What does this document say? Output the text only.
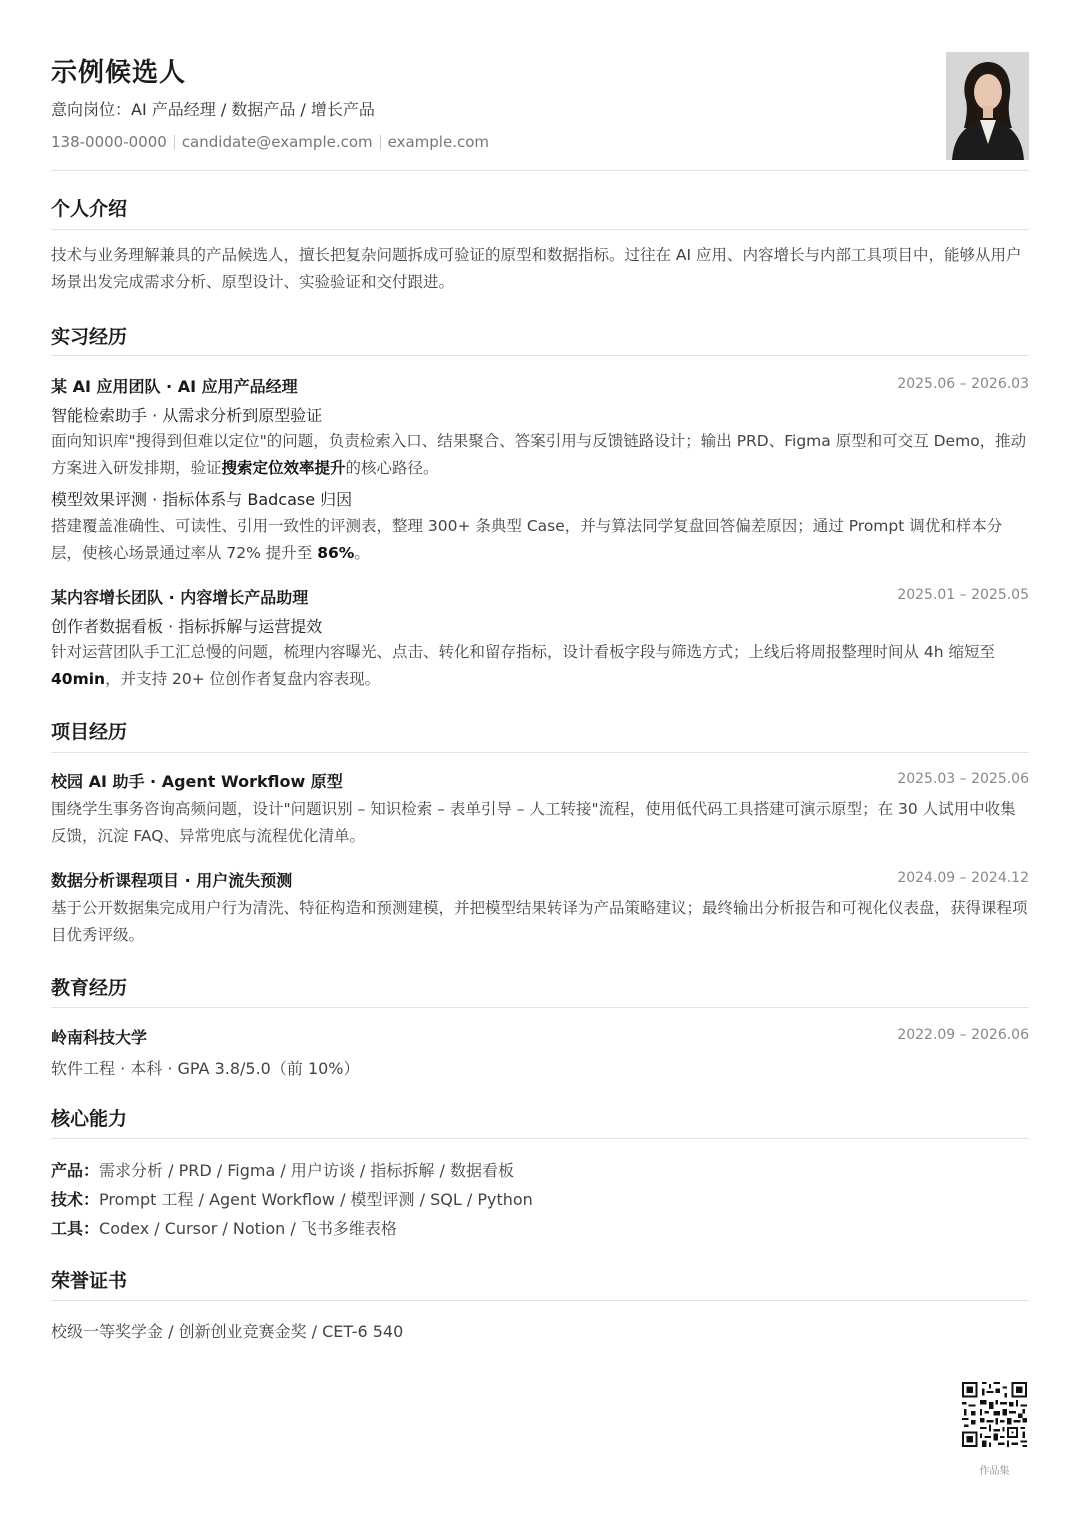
示例候选人
意向岗位：AI 产品经理 / 数据产品 / 增长产品
138-0000-0000 candidate@example.com example.com
个人介绍
技术与业务理解兼具的产品候选人，擅长把复杂问题拆成可验证的原型和数据指标。过往在 AI 应用、内容增长与内部工具项目中，能够从用户场景出发完成需求分析、原型设计、实验验证和交付跟进。
实习经历
某 AI 应用团队 · AI 应用产品经理	2025.06 – 2026.03
智能检索助手 · 从需求分析到原型验证
面向知识库"搜得到但难以定位"的问题，负责检索入口、结果聚合、答案引用与反馈链路设计；输出 PRD、Figma 原型和可交互 Demo，推动方案进入研发排期，验证搜索定位效率提升的核心路径。
模型效果评测 · 指标体系与 Badcase 归因
搭建覆盖准确性、可读性、引用一致性的评测表，整理 300+ 条典型 Case，并与算法同学复盘回答偏差原因；通过 Prompt 调优和样本分层，使核心场景通过率从 72% 提升至 86%。
某内容增长团队 · 内容增长产品助理	2025.01 – 2025.05
创作者数据看板 · 指标拆解与运营提效
针对运营团队手工汇总慢的问题，梳理内容曝光、点击、转化和留存指标，设计看板字段与筛选方式；上线后将周报整理时间从 4h 缩短至 40min，并支持 20+ 位创作者复盘内容表现。
项目经历
校园 AI 助手 · Agent Workflow 原型	2025.03 – 2025.06
围绕学生事务咨询高频问题，设计"问题识别 – 知识检索 – 表单引导 – 人工转接"流程，使用低代码工具搭建可演示原型；在 30 人试用中收集反馈，沉淀 FAQ、异常兜底与流程优化清单。
数据分析课程项目 · 用户流失预测	2024.09 – 2024.12
基于公开数据集完成用户行为清洗、特征构造和预测建模，并把模型结果转译为产品策略建议；最终输出分析报告和可视化仪表盘，获得课程项目优秀评级。
教育经历
岭南科技大学	2022.09 – 2026.06
软件工程 · 本科 · GPA 3.8/5.0（前 10%）
核心能力
产品：需求分析 / PRD / Figma / 用户访谈 / 指标拆解 / 数据看板
技术：Prompt 工程 / Agent Workflow / 模型评测 / SQL / Python
工具：Codex / Cursor / Notion / 飞书多维表格
荣誉证书
校级一等奖学金 / 创新创业竞赛金奖 / CET-6 540
作品集
